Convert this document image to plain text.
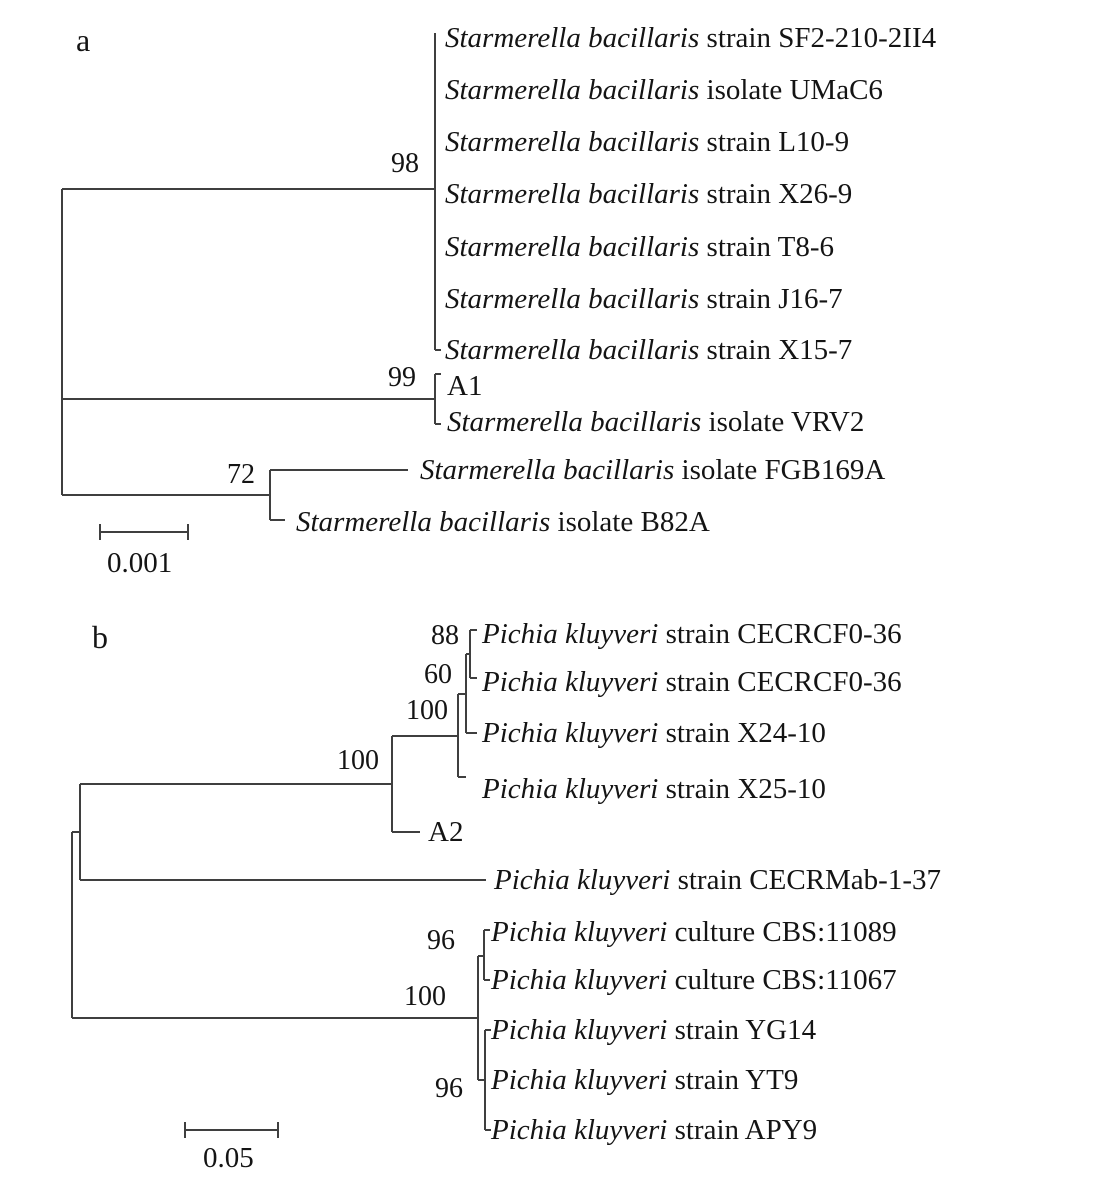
a	Starmerella bacillaris strain SF2-210-2II4
Starmerella bacillaris isolate UMaC6
Starmerella bacillaris strain L10-9
Starmerella bacillaris strain X26-9
Starmerella bacillaris strain T8-6
Starmerella bacillaris strain J16-7
Starmerella bacillaris strain X15-7
A1
Starmerella bacillaris isolate VRV2
Starmerella bacillaris isolate FGB169A
Starmerella bacillaris isolate B82A
98
99
72
0.001
b	Pichia kluyveri strain CECRCF0-36
Pichia kluyveri strain CECRCF0-36
Pichia kluyveri strain X24-10
Pichia kluyveri strain X25-10
A2
Pichia kluyveri strain CECRMab-1-37
Pichia kluyveri culture CBS:11089
Pichia kluyveri culture CBS:11067
Pichia kluyveri strain YG14
Pichia kluyveri strain YT9
Pichia kluyveri strain APY9
88
60
100
100
96
100
96
0.05
